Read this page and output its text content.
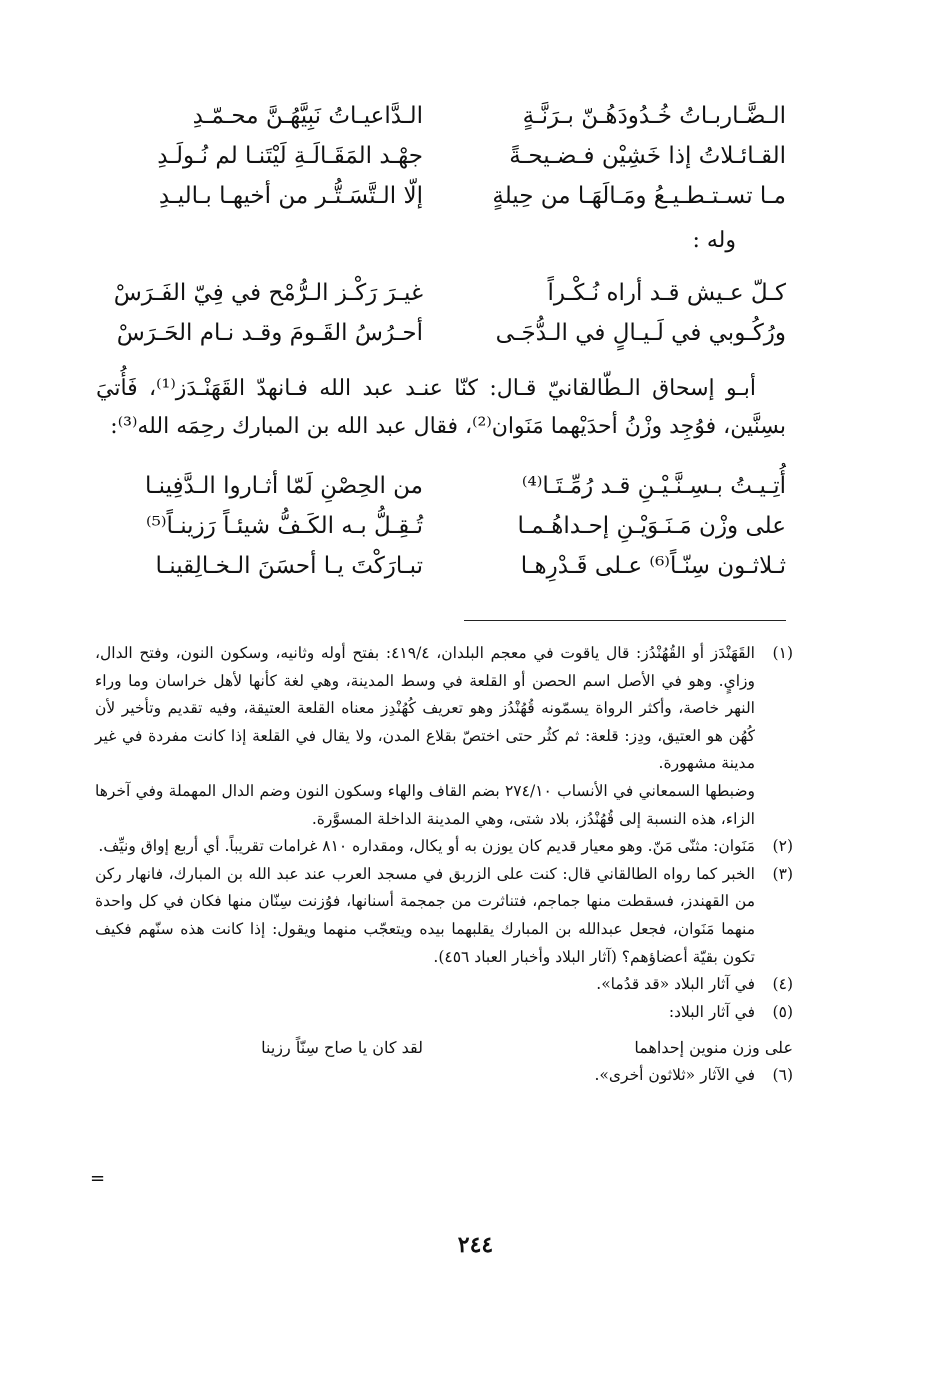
الـضَّـاربـاتُ خُـدُودَهُـنّ بـرَنَّـةٍ
الـدَّاعيـاتُ نَبِيَّهُـنَّ محـمّـدِ
القـائـلاتُ إذا خَشِيْن فـضـيحـةً
جهْـد المَقَـالَـةِ لَيْتَنـا لم نُـولَـدِ
مـا تسـتـطـيـعُ ومَـالَهَـا من حِيلةٍ
إلّا الـتَّسَـتُّـر من أخيهـا بـاليـدِ
وله :
كـلّ عـيش قـد أراه نُـكْـراً
غيـرَ رَكْـز الـرُّمْح في فِيّ الفَـرَسْ
ورُكُـوبي في لَـيـالٍ في الـدُّجَـى
أحـرُسُ القَـومَ وقـد نـام الحَـرَسْ
أبـو إسحاق الـطّالقانيّ قـال: كنّا عنـد عبد الله فـانهدّ القَهَنْـدَز⁽¹⁾، فَأُتيَ بسِنَّين، فوُجِد وزْنُ أحدَيْهما مَنَوان⁽²⁾، فقال عبد الله بن المبارك رحِمَه الله⁽³⁾:
أُتِـيـتُ بـسِـنَّـيْـنِ قـد رُمِّـتَـا⁽⁴⁾
من الحِصْنِ لَمّا أثـاروا الـدَّفِينـا
على وزْن مَـنَـوَيْـنِ إحـداهُـمـا
تُـقِـلُّ بـه الكَـفُّ شيئـاً رَزينـاً⁽⁵⁾
ثـلاثـون سِنّـاً⁽⁶⁾ عـلى قَـدْرِهـا
تبـارَكْتَ يـا أحسَنَ الـخـالِقينـا
(١)
القَهَنْدَز أو القُهُنْدُز: قال ياقوت في معجم البلدان، ٤١٩/٤: بفتح أوله وثانيه، وسكون النون، وفتح الدال، وزايٍ. وهو في الأصل اسم الحصن أو القلعة في وسط المدينة، وهي لغة كأنها لأهل خراسان وما وراء النهر خاصة، وأكثر الرواة يسمّونه قُهُنْدُز وهو تعريف كُهُنْدِز معناه القلعة العتيقة، وفيه تقديم وتأخير لأن كُهُن هو العتيق، ودِز: قلعة: ثم كثُر حتى اختصّ بقلاع المدن، ولا يقال في القلعة إذا كانت مفردة في غير مدينة مشهورة.
وضبطها السمعاني في الأنساب ٢٧٤/١٠ بضم القاف والهاء وسكون النون وضم الدال المهملة وفي آخرها الزاء، هذه النسبة إلى قُهُنْدُز، بلاد شتى، وهي المدينة الداخلة المسوَّرة.
(٢)
مَنَوان: مثنّى مَنّ. وهو معيار قديم كان يوزن به أو يكال، ومقداره ٨١٠ غرامات تقريباً. أي أربع إواق ونيِّف.
(٣)
الخبر كما رواه الطالقاني قال: كنت على الزربق في مسجد العرب عند عبد الله بن المبارك، فانهار ركن من القهندز، فسقطت منها جماجم، فتناثرت من جمجمة أسنانها، فوُزنت سِنّان منها فكان في كل واحدة منهما مَنَوان، فجعل عبدالله بن المبارك يقلبهما بيده ويتعجّب منهما ويقول: إذا كانت هذه سنّهم فكيف تكون بقيّة أعضاؤهم؟ (آثار البلاد وأخبار العباد ٤٥٦).
(٤)
في آثار البلاد «قد قدُما».
(٥)
في آثار البلاد:
على وزن منوين إحداهما
لقد كان يا صاح سِنّاً رزينا
(٦)
في الآثار «ثلاثون أخرى».
=
٢٤٤
